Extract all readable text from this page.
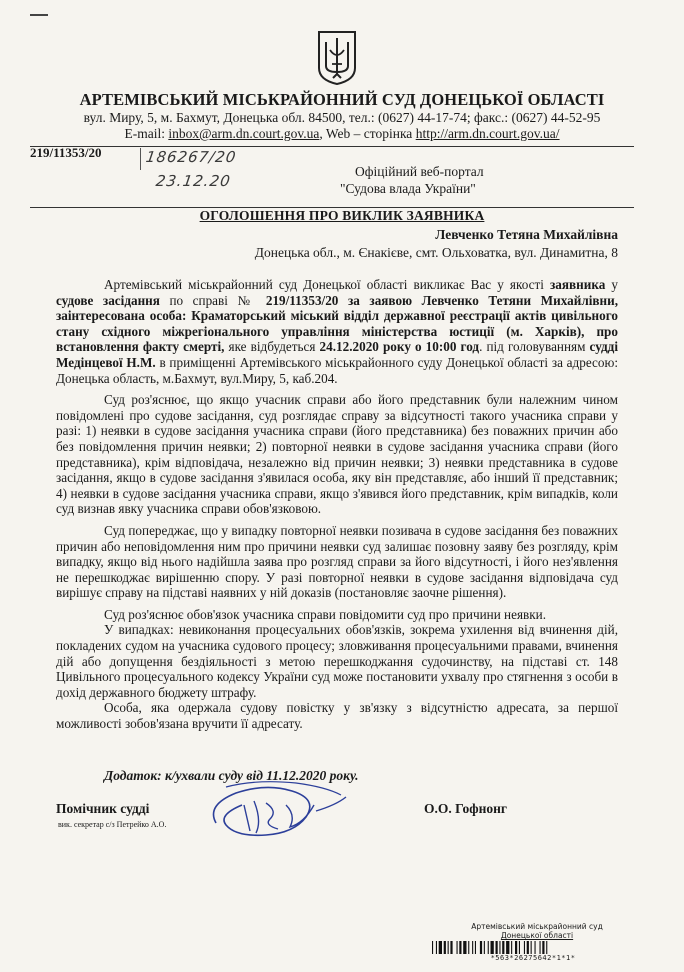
АРТЕМІВСЬКИЙ МІСЬКРАЙОННИЙ СУД ДОНЕЦЬКОЇ ОБЛАСТІ
вул. Миру, 5, м. Бахмут, Донецька обл. 84500, тел.: (0627) 44-17-74; факс.: (0627) 44-52-95
E-mail: inbox@arm.dn.court.gov.ua, Web – сторінка http://arm.dn.court.gov.ua/
219/11353/20	186267/20
23.12.20
Офіційний веб-портал
"Судова влада України"
ОГОЛОШЕННЯ ПРО ВИКЛИК ЗАЯВНИКА
Левченко Тетяна Михайлівна
Донецька обл., м. Єнакієве, смт. Ольховатка, вул. Динамитна, 8

Артемівський міськрайонний суд Донецької області викликає Вас у якості заявника у судове засідання по справі № 219/11353/20 за заявою Левченко Тетяни Михайлівни, заінтересована особа: Краматорський міський відділ державної реєстрації актів цивільного стану східного міжрегіонального управління міністерства юстиції (м. Харків), про встановлення факту смерті, яке відбудеться 24.12.2020 року о 10:00 год. під головуванням судді Медінцевої Н.М. в приміщенні Артемівського міськрайонного суду Донецької області за адресою: Донецька область, м.Бахмут, вул.Миру, 5, каб.204.

Суд роз'яснює, що якщо учасник справи або його представник були належним чином повідомлені про судове засідання, суд розглядає справу за відсутності такого учасника справи у разі: 1) неявки в судове засідання учасника справи (його представника) без поважних причин або без повідомлення причин неявки; 2) повторної неявки в судове засідання учасника справи (його представника), крім відповідача, незалежно від причин неявки; 3) неявки представника в судове засідання, якщо в судове засідання з'явилася особа, яку він представляє, або інший її представник; 4) неявки в судове засідання учасника справи, якщо з'явився його представник, крім випадків, коли суд визнав явку учасника справи обов'язковою.

Суд попереджає, що у випадку повторної неявки позивача в судове засідання без поважних причин або неповідомлення ним про причини неявки суд залишає позовну заяву без розгляду, крім випадку, якщо від нього надійшла заява про розгляд справи за його відсутності, і його нез'явлення не перешкоджає вирішенню спору. У разі повторної неявки в судове засідання відповідача суд вирішує справу на підставі наявних у ній доказів (постановляє заочне рішення).

Суд роз'яснює обов'язок учасника справи повідомити суд про причини неявки.

У випадках: невиконання процесуальних обов'язків, зокрема ухилення від вчинення дій, покладених судом на учасника судового процесу; зловживання процесуальними правами, вчинення дій або допущення бездіяльності з метою перешкоджання судочинству, на підставі ст. 148 Цивільного процесуального кодексу України суд може постановити ухвалу про стягнення з особи в дохід державного бюджету штрафу.

Особа, яка одержала судову повістку у зв'язку з відсутністю адресата, за першої можливості зобов'язана вручити її адресату.

Додаток: к/ухвали суду від 11.12.2020 року.
Помічник судді
вик. секретар с/з Петрейко А.О.
О.О. Гофнонг
Артемівський міськрайонний суд
Донецької області
*563*26275642*1*1*
